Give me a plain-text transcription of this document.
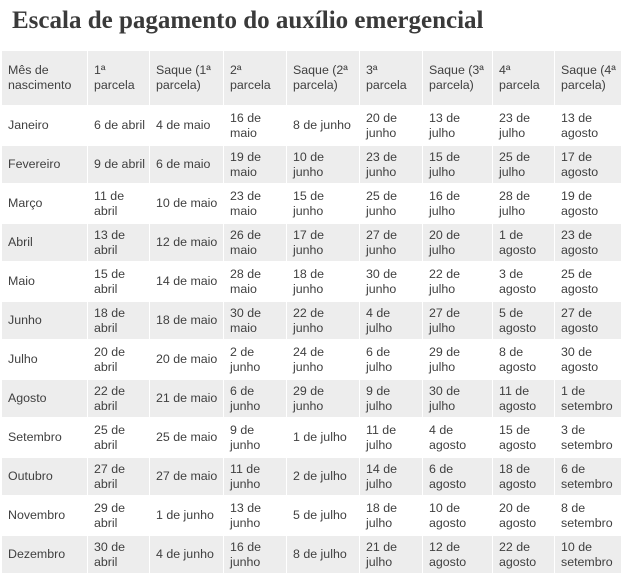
Escala de pagamento do auxílio emergencial
Mês de nascimento	1ª parcela	Saque (1ª parcela)	2ª parcela	Saque (2ª parcela)	3ª parcela	Saque (3ª parcela)	4ª parcela	Saque (4ª parcela)
Janeiro	6 de abril	4 de maio	16 de maio	8 de junho	20 de junho	13 de julho	23 de julho	13 de agosto
Fevereiro	9 de abril	6 de maio	19 de maio	10 de junho	23 de junho	15 de julho	25 de julho	17 de agosto
Março	11 de abril	10 de maio	23 de maio	15 de junho	25 de junho	16 de julho	28 de julho	19 de agosto
Abril	13 de abril	12 de maio	26 de maio	17 de junho	27 de junho	20 de julho	1 de agosto	23 de agosto
Maio	15 de abril	14 de maio	28 de maio	18 de junho	30 de junho	22 de julho	3 de agosto	25 de agosto
Junho	18 de abril	18 de maio	30 de maio	22 de junho	4 de julho	27 de julho	5 de agosto	27 de agosto
Julho	20 de abril	20 de maio	2 de junho	24 de junho	6 de julho	29 de julho	8 de agosto	30 de agosto
Agosto	22 de abril	21 de maio	6 de junho	29 de junho	9 de julho	30 de julho	11 de agosto	1 de setembro
Setembro	25 de abril	25 de maio	9 de junho	1 de julho	11 de julho	4 de agosto	15 de agosto	3 de setembro
Outubro	27 de abril	27 de maio	11 de junho	2 de julho	14 de julho	6 de agosto	18 de agosto	6 de setembro
Novembro	29 de abril	1 de junho	13 de junho	5 de julho	18 de julho	10 de agosto	20 de agosto	8 de setembro
Dezembro	30 de abril	4 de junho	16 de junho	8 de julho	21 de julho	12 de agosto	22 de agosto	10 de setembro
